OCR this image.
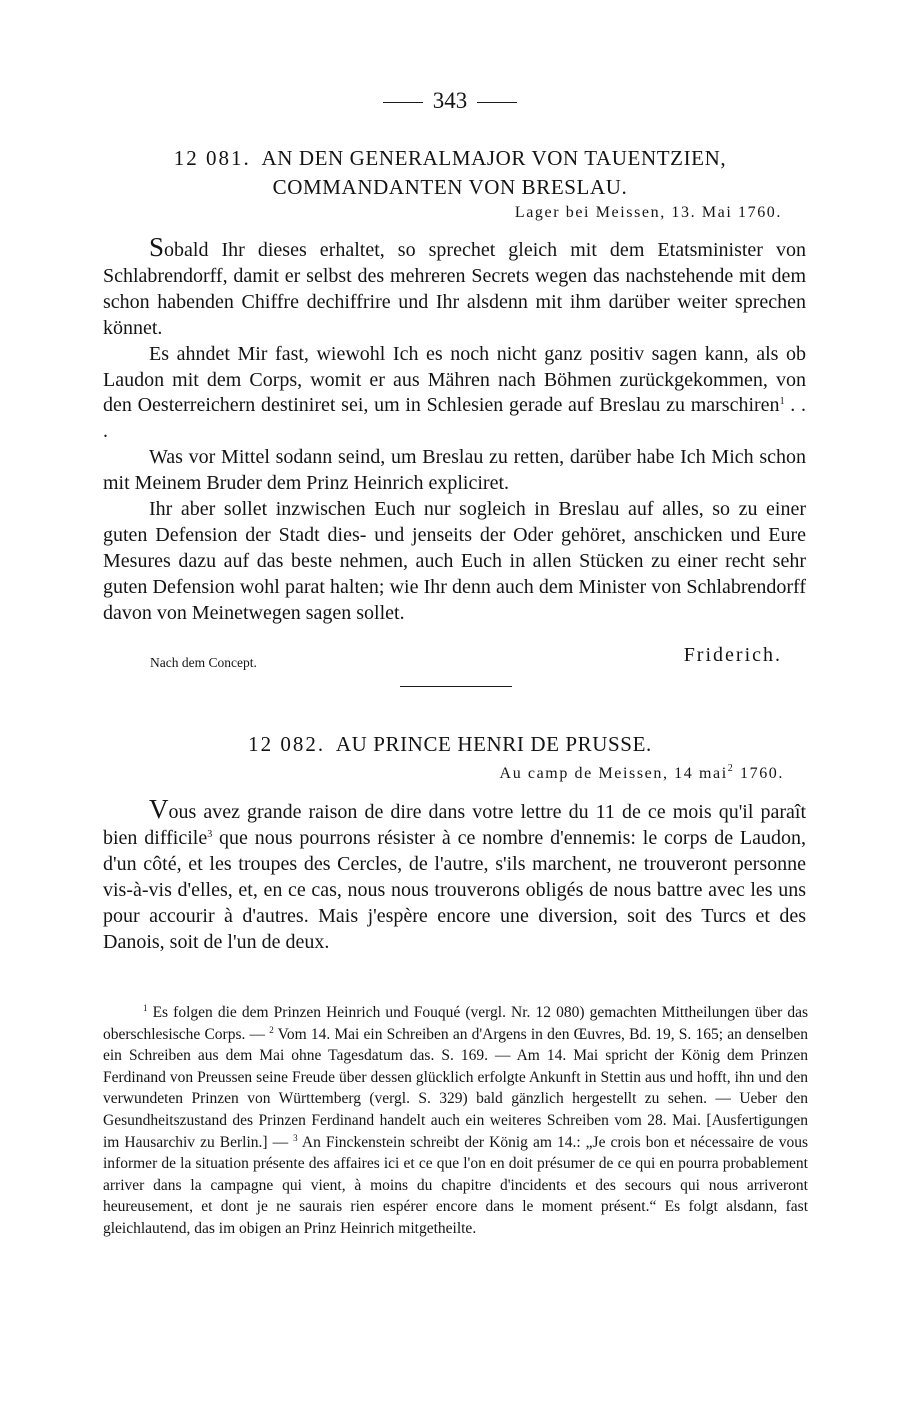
343
12 081. AN DEN GENERALMAJOR VON TAUENTZIEN,
COMMANDANTEN VON BRESLAU.
Lager bei Meissen, 13. Mai 1760.

Sobald Ihr dieses erhaltet, so sprechet gleich mit dem Etatsminister von Schlabrendorff, damit er selbst des mehreren Secrets wegen das nachstehende mit dem schon habenden Chiffre dechiffrire und Ihr alsdenn mit ihm darüber weiter sprechen könnet.

Es ahndet Mir fast, wiewohl Ich es noch nicht ganz positiv sagen kann, als ob Laudon mit dem Corps, womit er aus Mähren nach Böhmen zurückgekommen, von den Oesterreichern destiniret sei, um in Schlesien gerade auf Breslau zu marschiren$^1$ . . .

Was vor Mittel sodann seind, um Breslau zu retten, darüber habe Ich Mich schon mit Meinem Bruder dem Prinz Heinrich expliciret.

Ihr aber sollet inzwischen Euch nur sogleich in Breslau auf alles, so zu einer guten Defension der Stadt dies- und jenseits der Oder gehöret, anschicken und Eure Mesures dazu auf das beste nehmen, auch Euch in allen Stücken zu einer recht sehr guten Defension wohl parat halten; wie Ihr denn auch dem Minister von Schlabrendorff davon von Meinetwegen sagen sollet.

Nach dem Concept.	Friderich.
12 082. AU PRINCE HENRI DE PRUSSE.
Au camp de Meissen, 14 mai$^2$ 1760.

Vous avez grande raison de dire dans votre lettre du 11 de ce mois qu'il paraît bien difficile$^3$ que nous pourrons résister à ce nombre d'ennemis: le corps de Laudon, d'un côté, et les troupes des Cercles, de l'autre, s'ils marchent, ne trouveront personne vis-à-vis d'elles, et, en ce cas, nous nous trouverons obligés de nous battre avec les uns pour accourir à d'autres. Mais j'espère encore une diversion, soit des Turcs et des Danois, soit de l'un de deux.

$^1$ Es folgen die dem Prinzen Heinrich und Fouqué (vergl. Nr. 12 080) gemachten Mittheilungen über das oberschlesische Corps. — $^2$ Vom 14. Mai ein Schreiben an d'Argens in den Œuvres, Bd. 19, S. 165; an denselben ein Schreiben aus dem Mai ohne Tagesdatum das. S. 169. — Am 14. Mai spricht der König dem Prinzen Ferdinand von Preussen seine Freude über dessen glücklich erfolgte Ankunft in Stettin aus und hofft, ihn und den verwundeten Prinzen von Württemberg (vergl. S. 329) bald gänzlich hergestellt zu sehen. — Ueber den Gesundheitszustand des Prinzen Ferdinand handelt auch ein weiteres Schreiben vom 28. Mai. [Ausfertigungen im Hausarchiv zu Berlin.] — $^3$ An Finckenstein schreibt der König am 14.: „Je crois bon et nécessaire de vous informer de la situation présente des affaires ici et ce que l'on en doit présumer de ce qui en pourra probablement arriver dans la campagne qui vient, à moins du chapitre d'incidents et des secours qui nous arriveront heureusement, et dont je ne saurais rien espérer encore dans le moment présent.“ Es folgt alsdann, fast gleichlautend, das im obigen an Prinz Heinrich mitgetheilte.
